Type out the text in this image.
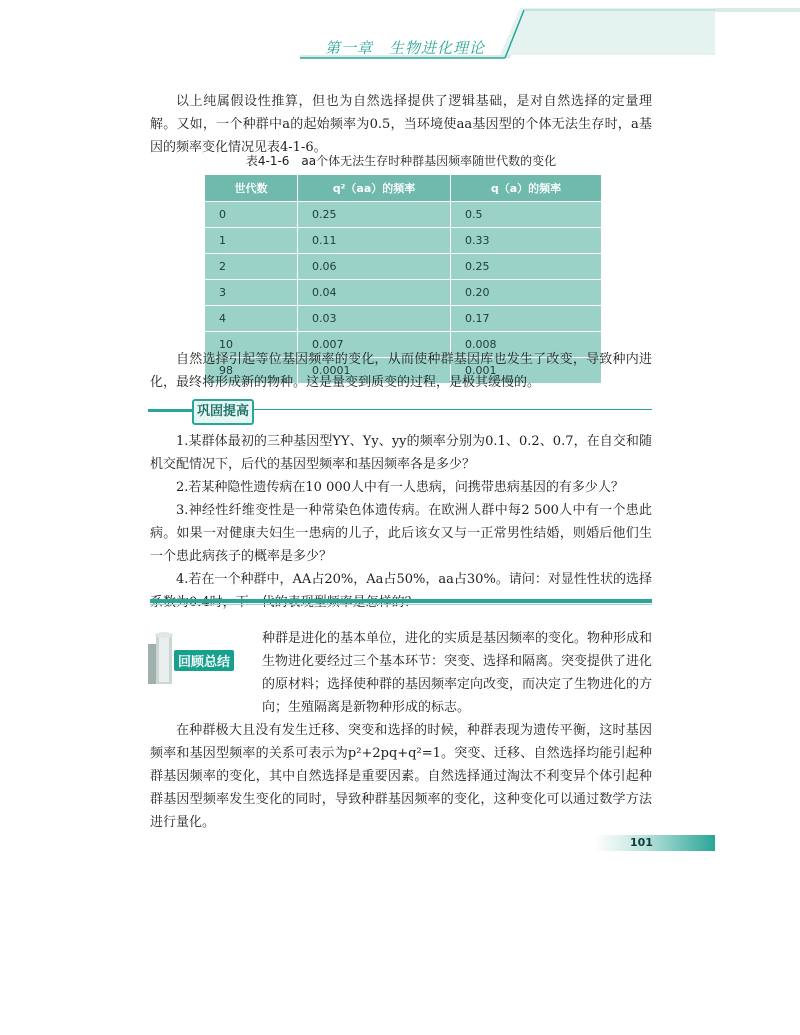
第一章　生物进化理论

以上纯属假设性推算，但也为自然选择提供了逻辑基础，是对自然选择的定量理解。又如，一个种群中a的起始频率为0.5，当环境使aa基因型的个体无法生存时，a基因的频率变化情况见表4-1-6。

表4-1-6　aa个体无法生存时种群基因频率随世代数的变化
世代数	q²（aa）的频率	q（a）的频率
0	0.25	0.5
1	0.11	0.33
2	0.06	0.25
3	0.04	0.20
4	0.03	0.17
10	0.007	0.008
98	0.0001	0.001

自然选择引起等位基因频率的变化，从而使种群基因库也发生了改变，导致种内进化，最终将形成新的物种。这是量变到质变的过程，是极其缓慢的。

巩固提高

1.某群体最初的三种基因型YY、Yy、yy的频率分别为0.1、0.2、0.7，在自交和随机交配情况下，后代的基因型频率和基因频率各是多少？

2.若某种隐性遗传病在10 000人中有一人患病，问携带患病基因的有多少人？

3.神经性纤维变性是一种常染色体遗传病。在欧洲人群中每2 500人中有一个患此病。如果一对健康夫妇生一患病的儿子，此后该女又与一正常男性结婚，则婚后他们生一个患此病孩子的概率是多少？

4.若在一个种群中，AA占20%，Aa占50%，aa占30%。请问：对显性性状的选择

回顾总结

种群是进化的基本单位，进化的实质是基因频率的变化。物种形成和生物进化要经过三个基本环节：突变、选择和隔离。突变提供了进化的原材料；选择使种群的基因频率定向改变，而决定了生物进化的方向；生殖隔离是新物种形成的标志。

在种群极大且没有发生迁移、突变和选择的时候，种群表现为遗传平衡，这时基因频率和基因型频率的关系可表示为p²+2pq+q²=1。突变、迁移、自然选择均能引起种群基因频率的变化，其中自然选择是重要因素。自然选择通过淘汰不利变异个体引起种群基因型频率发生变化的同时，导致种群基因频率的变化，这种变化可以通过数学方法进行量化。

101
